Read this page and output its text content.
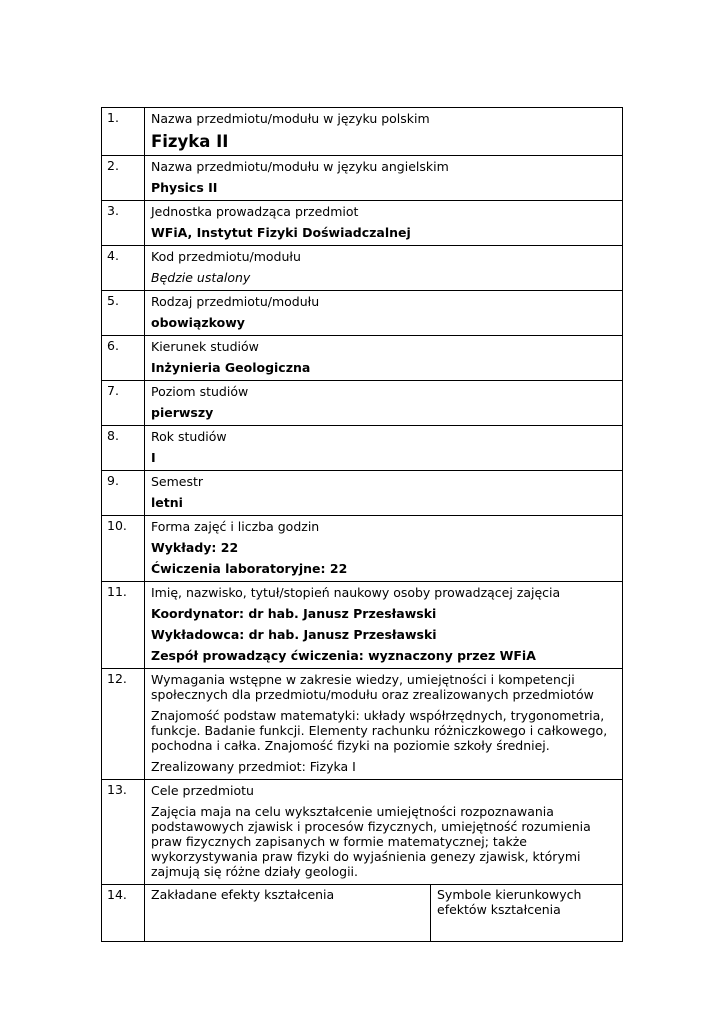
1.	Nazwa przedmiotu/modułu w języku polskim
Fizyka II	

2.	Nazwa przedmiotu/modułu w języku angielskim
Physics II	

3.	Jednostka prowadząca przedmiot
WFiA, Instytut Fizyki Doświadczalnej	

4.	Kod przedmiotu/modułu
Będzie ustalony	

5.	Rodzaj przedmiotu/modułu
obowiązkowy	

6.	Kierunek studiów
Inżynieria Geologiczna	

7.	Poziom studiów
pierwszy	

8.	Rok studiów
I	

9.	Semestr
letni	

10.	Forma zajęć i liczba godzin
Wykłady: 22
Ćwiczenia laboratoryjne: 22	

11.	Imię, nazwisko, tytuł/stopień naukowy osoby prowadzącej zajęcia
Koordynator: dr hab. Janusz Przesławski
Wykładowca: dr hab. Janusz Przesławski
Zespół prowadzący ćwiczenia: wyznaczony przez WFiA	

12.	Wymagania wstępne w zakresie wiedzy, umiejętności i kompetencji społecznych dla przedmiotu/modułu oraz zrealizowanych przedmiotów
Znajomość podstaw matematyki: układy współrzędnych, trygonometria, funkcje. Badanie funkcji. Elementy rachunku różniczkowego i całkowego, pochodna i całka. Znajomość fizyki na poziomie szkoły średniej.
Zrealizowany przedmiot: Fizyka I	

13.	Cele przedmiotu
Zajęcia maja na celu wykształcenie umiejętności rozpoznawania podstawowych zjawisk i procesów fizycznych, umiejętność rozumienia praw fizycznych zapisanych w formie matematycznej; także wykorzystywania praw fizyki do wyjaśnienia genezy zjawisk, którymi zajmują się różne działy geologii.	

14.	Zakładane efekty kształcenia	Symbole kierunkowych efektów kształcenia
